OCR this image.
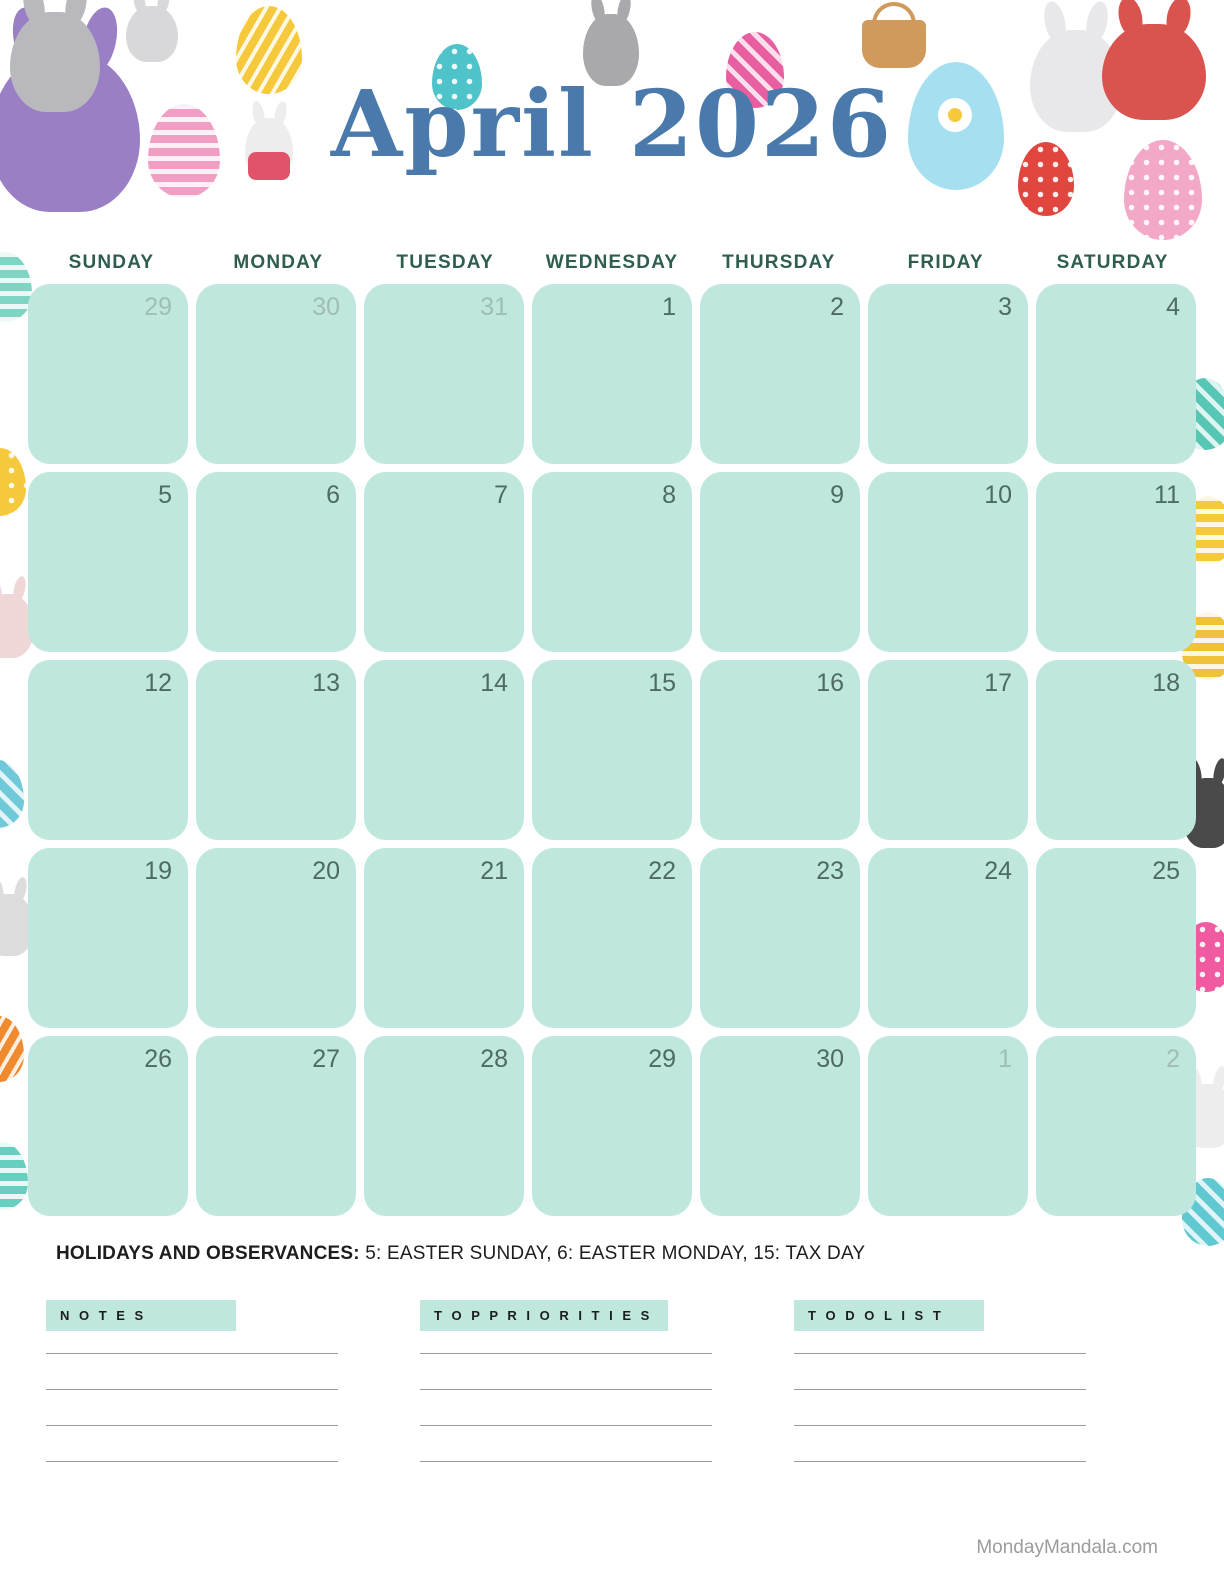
April 2026
SUNDAY	MONDAY	TUESDAY	WEDNESDAY	THURSDAY	FRIDAY	SATURDAY
29	30	31	1	2	3	4
5	6	7	8	9	10	11
12	13	14	15	16	17	18
19	20	21	22	23	24	25
26	27	28	29	30	1	2
HOLIDAYS AND OBSERVANCES: 5: EASTER SUNDAY, 6: EASTER MONDAY, 15: TAX DAY
N O T E S	T O P P R I O R I T I E S	T O D O L I S T
MondayMandala.com
